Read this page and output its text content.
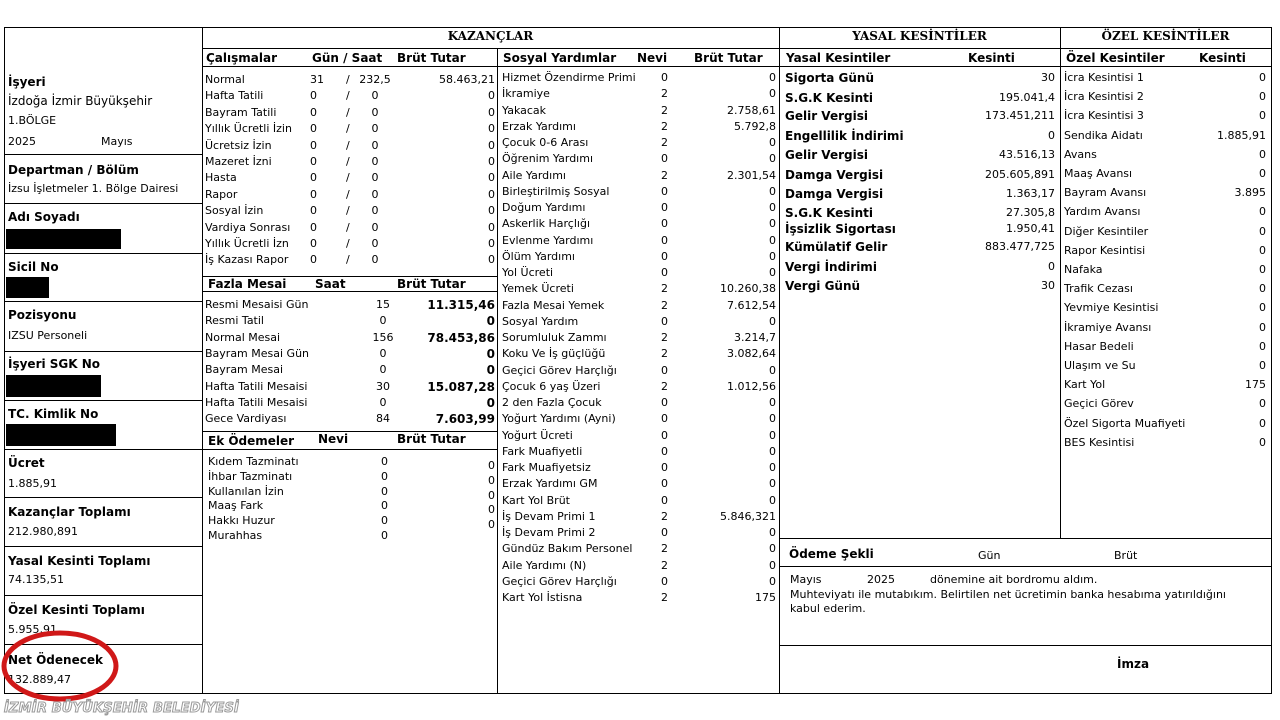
KAZANÇLAR	YASAL KESİNTİLER	ÖZEL KESİNTİLER
İşyeri
İzdoğa İzmir Büyükşehir
1.BÖLGE
2025	Mayıs
Departman / Bölüm
İzsu İşletmeler 1. Bölge Dairesi
Adı Soyadı
Sicil No
Pozisyonu
IZSU Personeli
İşyeri SGK No
TC. Kimlik No
Ücret
1.885,91
Kazançlar Toplamı
212.980,891
Yasal Kesinti Toplamı
74.135,51
Özel Kesinti Toplamı
5.955,91
Net Ödenecek
132.889,47
Çalışmalar	Gün / Saat Brüt Tutar
Normal	31 / 232,5	58.463,21
Hafta Tatili	0	/	0	0
Bayram Tatili	0	/	0	0
Yıllık Ücretli İzin 0	/	0	0
Ücretsiz İzin	0	/	0	0
Mazeret İzni	0	/	0	0
Hasta	0	/	0	0
Rapor	0	/	0	0
Sosyal İzin	0	/	0	0
Vardiya Sonrası 0	/	0	0
Yıllık Ücretli İzn 0	/	0	0
İş Kazası Rapor 0	/	0	0
Fazla Mesai Saat	Brüt Tutar
Resmi Mesaisi Gün	15	11.315,46
Resmi Tatil	0	0
Normal Mesai	156	78.453,86
Bayram Mesai Gün	0	0
Bayram Mesai	0	0
Hafta Tatili Mesaisi	30	15.087,28
Hafta Tatili Mesaisi	0	0
Gece Vardiyası	84	7.603,99
Ek Ödemeler Nevi	Brüt Tutar
Kıdem Tazminatı	0	0
İhbar Tazminatı	0	0
Kullanılan İzin	0	0
Maaş Fark	0	0
Hakkı Huzur	0	0
Murahhas	0
Sosyal Yardımlar Nevi Brüt Tutar
Hizmet Özendirme Primi 0	0
İkramiye	2	0
Yakacak	2	2.758,61
Erzak Yardımı	2	5.792,8
Çocuk 0-6 Arası	2	0
Öğrenim Yardımı	0	0
Aile Yardımı	2	2.301,54
Birleştirilmiş Sosyal	0	0
Doğum Yardımı	0	0
Askerlik Harçlığı	0	0
Evlenme Yardımı	0	0
Ölüm Yardımı	0	0
Yol Ücreti	0	0
Yemek Ücreti	2	10.260,38
Fazla Mesai Yemek	2	7.612,54
Sosyal Yardım	0	0
Sorumluluk Zammı	2	3.214,7
Koku Ve İş güçlüğü	2	3.082,64
Geçici Görev Harçlığı	0	0
Çocuk 6 yaş Üzeri	2	1.012,56
2 den Fazla Çocuk	0	0
Yoğurt Yardımı (Ayni)	0	0
Yoğurt Ücreti	0	0
Fark Muafiyetli	0	0
Fark Muafiyetsiz	0	0
Erzak Yardımı GM	0	0
Kart Yol Brüt	0	0
İş Devam Primi 1	2	5.846,321
İş Devam Primi 2	0	0
Gündüz Bakım Personel	2	0
Aile Yardımı (N)	2	0
Geçici Görev Harçlığı	0	0
Kart Yol İstisna	2	175
Yasal Kesintiler	Kesinti
Sigorta Günü	30
S.G.K Kesinti	195.041,4
Gelir Vergisi	173.451,211
Engellilik İndirimi	0
Gelir Vergisi	43.516,13
Damga Vergisi	205.605,891
Damga Vergisi	1.363,17
S.G.K Kesinti	27.305,8
İşsizlik Sigortası	1.950,41
Kümülatif Gelir	883.477,725
Vergi İndirimi	0
Vergi Günü	30
Özel Kesintiler	Kesinti
İcra Kesintisi 1	0
İcra Kesintisi 2	0
İcra Kesintisi 3	0
Sendika Aidatı	1.885,91
Avans	0
Maaş Avansı	0
Bayram Avansı	3.895
Yardım Avansı	0
Diğer Kesintiler	0
Rapor Kesintisi	0
Nafaka	0
Trafik Cezası	0
Yevmiye Kesintisi	0
İkramiye Avansı	0
Hasar Bedeli	0
Ulaşım ve Su	0
Kart Yol	175
Geçici Görev	0
Özel Sigorta Muafiyeti	0
BES Kesintisi	0
Ödeme Şekli	Gün	Brüt
Mayıs	2025	dönemine ait bordromu aldım.
Muhteviyatı ile mutabıkım. Belirtilen net ücretimin banka hesabıma yatırıldığını
kabul ederim.
İmza
İZMİR BÜYÜKŞEHİR BELEDİYESİ
